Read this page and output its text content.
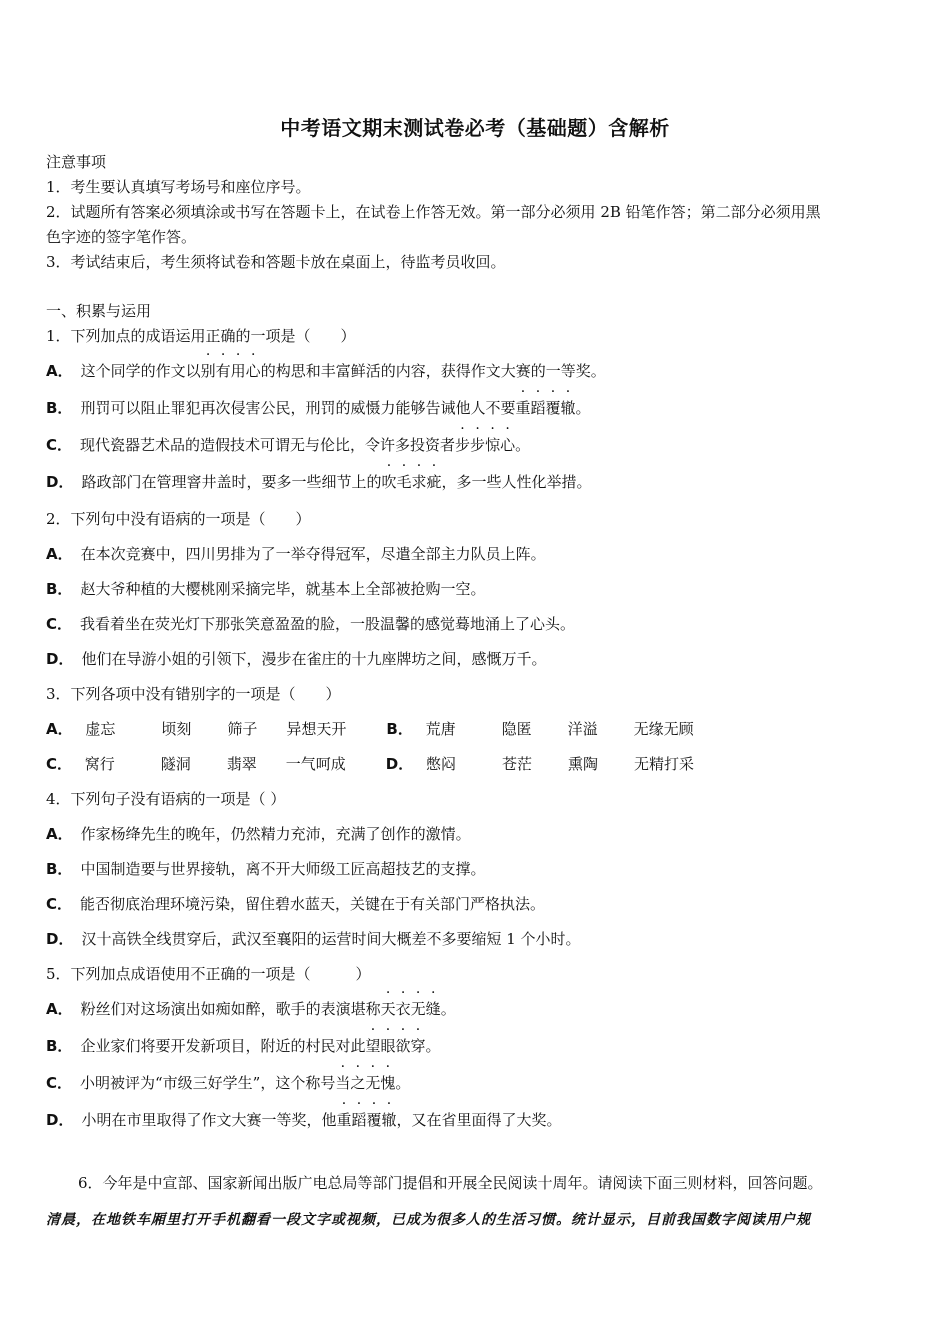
中考语文期末测试卷必考（基础题）含解析
注意事项
1．考生要认真填写考场号和座位序号。
2．试题所有答案必须填涂或书写在答题卡上，在试卷上作答无效。第一部分必须用 2B 铅笔作答；第二部分必须用黑
色字迹的签字笔作答。
3．考试结束后，考生须将试卷和答题卡放在桌面上，待监考员收回。
一、积累与运用
1．下列加点的成语运用正确的一项是（　　）
A． 这个同学的作文以别有用心的构思和丰富鲜活的内容，获得作文大赛的一等奖。
B． 刑罚可以阻止罪犯再次侵害公民，刑罚的威慑力能够告诫他人不要重蹈覆辙。
C． 现代瓷器艺术品的造假技术可谓无与伦比，令许多投资者步步惊心。
D． 路政部门在管理窨井盖时，要多一些细节上的吹毛求疵，多一些人性化举措。
2．下列句中没有语病的一项是（　　）
A． 在本次竞赛中，四川男排为了一举夺得冠军，尽遣全部主力队员上阵。
B． 赵大爷种植的大樱桃刚采摘完毕，就基本上全部被抢购一空。
C． 我看着坐在荧光灯下那张笑意盈盈的脸，一股温馨的感觉蓦地涌上了心头。
D． 他们在导游小姐的引领下，漫步在雀庄的十九座牌坊之间，感慨万千。
3．下列各项中没有错别字的一项是（　　）
A． 虚忘	顷刻 筛子 异想天开	B． 荒唐	隐匿 洋溢 无缘无顾
C． 窝行	隧洞 翡翠 一气呵成	D． 憋闷	苍茫 熏陶 无精打采
4．下列句子没有语病的一项是（ ）
A． 作家杨绛先生的晚年，仍然精力充沛，充满了创作的激情。
B． 中国制造要与世界接轨，离不开大师级工匠高超技艺的支撑。
C． 能否彻底治理环境污染，留住碧水蓝天，关键在于有关部门严格执法。
D． 汉十高铁全线贯穿后，武汉至襄阳的运营时间大概差不多要缩短 1 个小时。
5．下列加点成语使用不正确的一项是（　　　）
A． 粉丝们对这场演出如痴如醉，歌手的表演堪称天衣无缝。
B． 企业家们将要开发新项目，附近的村民对此望眼欲穿。
C． 小明被评为“市级三好学生”，这个称号当之无愧。
D． 小明在市里取得了作文大赛一等奖，他重蹈覆辙，又在省里面得了大奖。
6．今年是中宣部、国家新闻出版广电总局等部门提倡和开展全民阅读十周年。请阅读下面三则材料，回答问题。
清晨，在地铁车厢里打开手机翻看一段文字或视频，已成为很多人的生活习惯。统计显示，目前我国数字阅读用户规
